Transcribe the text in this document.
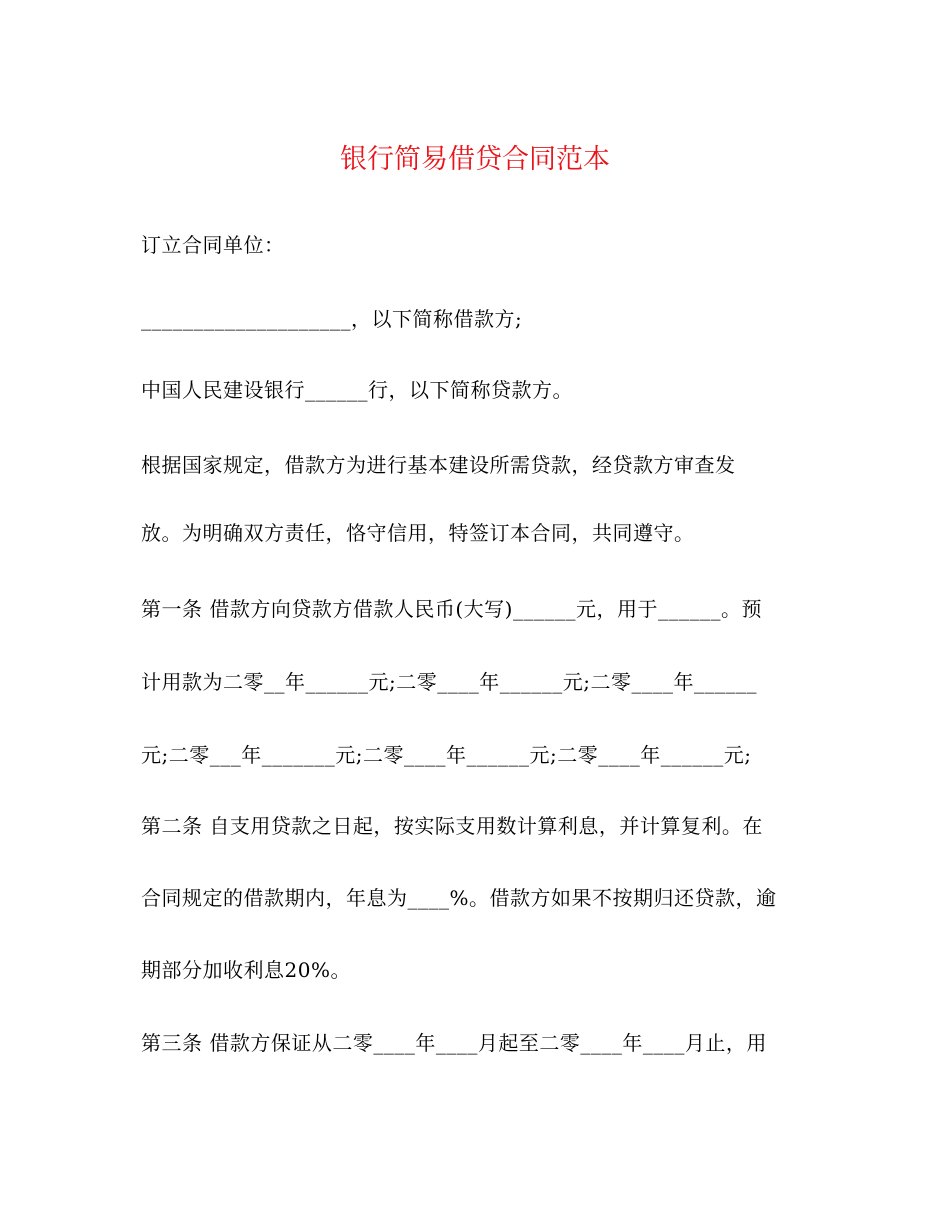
银行简易借贷合同范本
订立合同单位：
____________________，以下简称借款方;
中国人民建设银行______行，以下简称贷款方。
根据国家规定，借款方为进行基本建设所需贷款，经贷款方审查发
放。为明确双方责任，恪守信用，特签订本合同，共同遵守。
第一条 借款方向贷款方借款人民币(大写)______元，用于______。预
计用款为二零__年______元;二零____年______元;二零____年______
元;二零___年_______元;二零____年______元;二零____年______元;
第二条 自支用贷款之日起，按实际支用数计算利息，并计算复利。在
合同规定的借款期内，年息为____%。借款方如果不按期归还贷款，逾
期部分加收利息20%。
第三条 借款方保证从二零____年____月起至二零____年____月止，用
